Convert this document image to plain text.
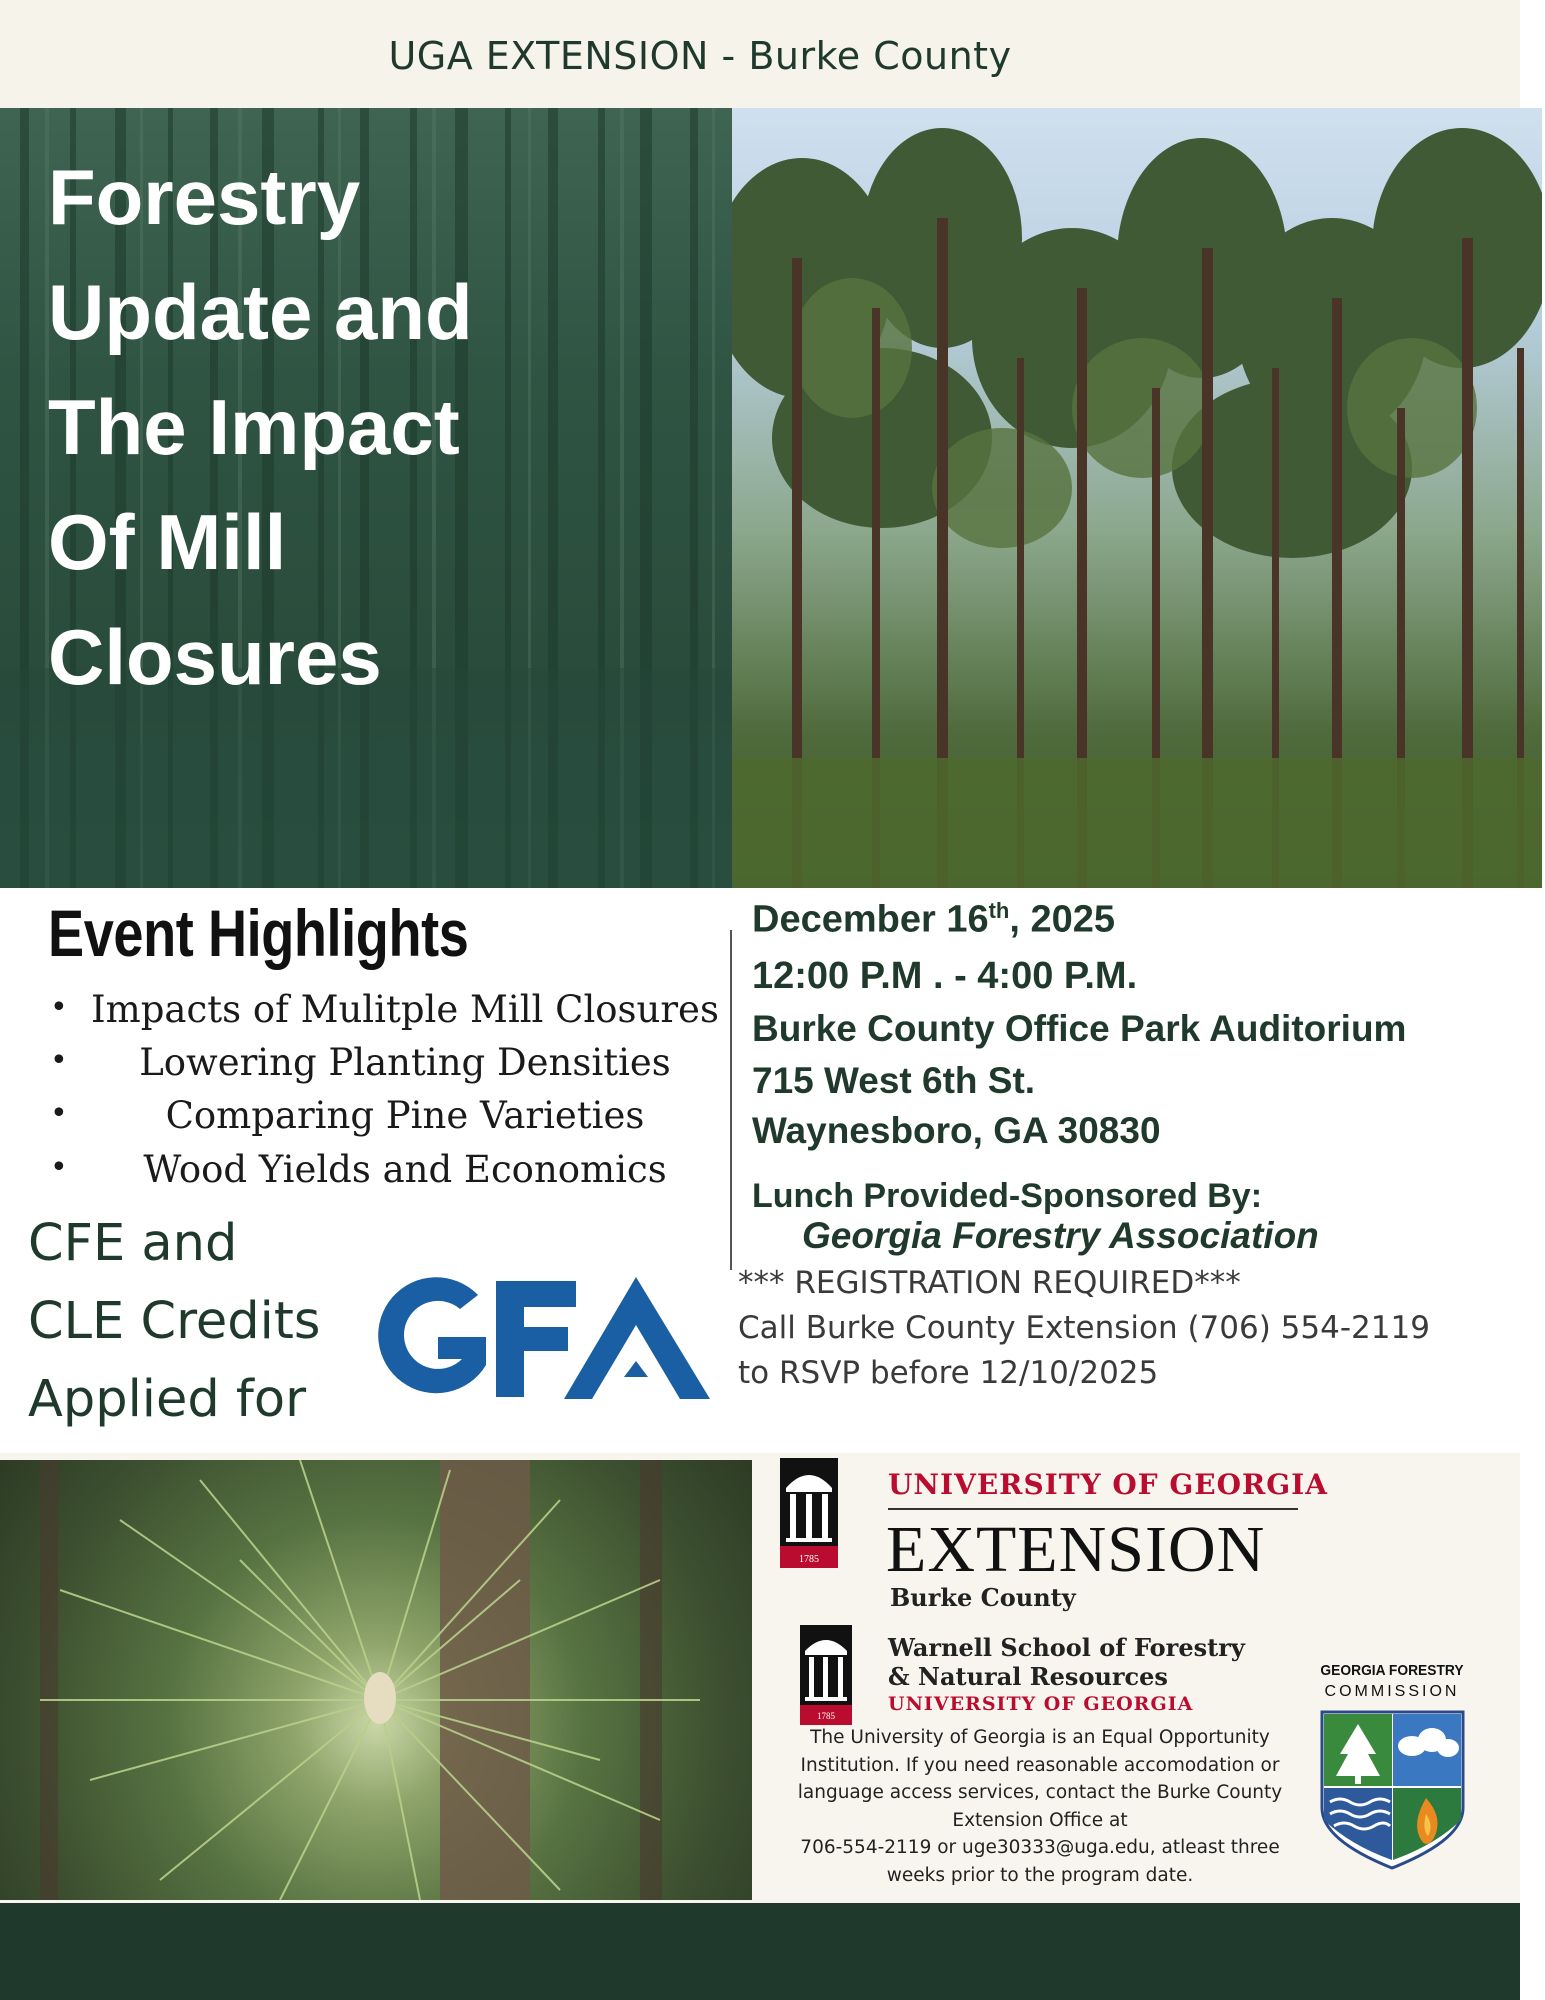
UGA EXTENSION - Burke County
Forestry
Update and
The Impact
Of Mill
Closures
Event Highlights
• Impacts of Mulitple Mill Closures
•	Lowering Planting Densities
•	Comparing Pine Varieties
•	Wood Yields and Economics
CFE and
CLE Credits
Applied for
December 16th, 2025
12:00 P.M . - 4:00 P.M.
Burke County Office Park Auditorium
715 West 6th St.
Waynesboro, GA 30830
Lunch Provided-Sponsored By:
Georgia Forestry Association
*** REGISTRATION REQUIRED***
Call Burke County Extension (706) 554-2119
to RSVP before 12/10/2025
1785
UNIVERSITY OF GEORGIA
EXTENSION
Burke County
1785
Warnell School of Forestry
& Natural Resources
UNIVERSITY OF GEORGIA
The University of Georgia is an Equal Opportunity
Institution. If you need reasonable accomodation or
language access services, contact the Burke County
Extension Office at
706-554-2119 or uge30333@uga.edu, atleast three
weeks prior to the program date.
GEORGIA FORESTRY
COMMISSION
